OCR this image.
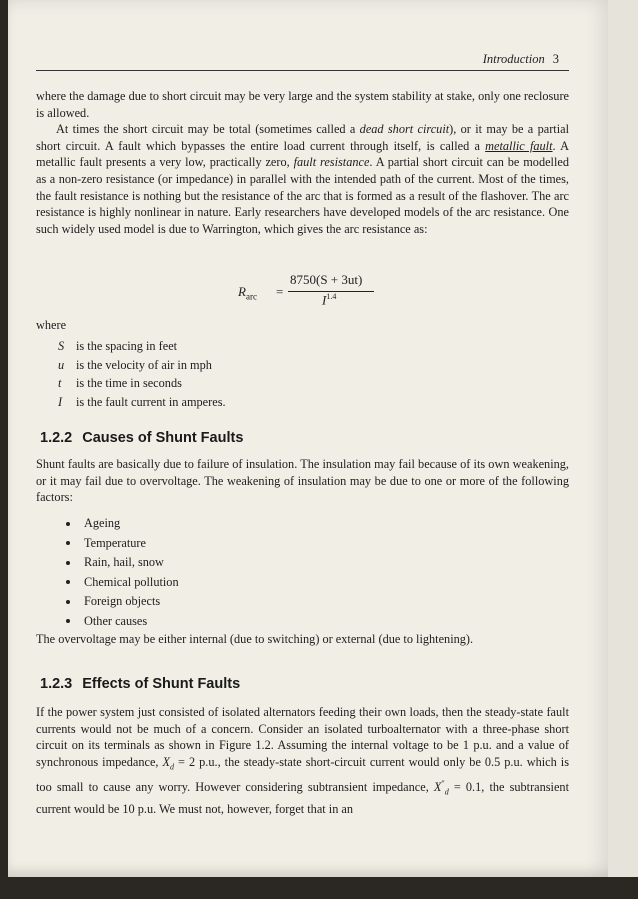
Introduction 3

where the damage due to short circuit may be very large and the system stability at stake, only one reclosure is allowed.

At times the short circuit may be total (sometimes called a dead short circuit), or it may be a partial short circuit. A fault which bypasses the entire load current through itself, is called a metallic fault. A metallic fault presents a very low, practically zero, fault resistance. A partial short circuit can be modelled as a non-zero resistance (or impedance) in parallel with the intended path of the current. Most of the times, the fault resistance is nothing but the resistance of the arc that is formed as a result of the flashover. The arc resistance is highly nonlinear in nature. Early researchers have developed models of the arc resistance. One such widely used model is due to Warrington, which gives the arc resistance as:

$R_{arc}$ =
8750(S + 3ut)
$I^{1.4}$
where
S is the spacing in feet
u is the velocity of air in mph
t is the time in seconds
I is the fault current in amperes.
1.2.2 Causes of Shunt Faults

Shunt faults are basically due to failure of insulation. The insulation may fail because of its own weakening, or it may fail due to overvoltage. The weakening of insulation may be due to one or more of the following factors:

Ageing
Temperature
Rain, hail, snow
Chemical pollution
Foreign objects
Other causes

The overvoltage may be either internal (due to switching) or external (due to lightening).

1.2.3 Effects of Shunt Faults

If the power system just consisted of isolated alternators feeding their own loads, then the steady-state fault currents would not be much of a concern. Consider an isolated turboalternator with a three-phase short circuit on its terminals as shown in Figure 1.2. Assuming the internal voltage to be 1 p.u. and a value of synchronous impedance, $X_d = 2$ p.u., the steady-state short-circuit current would only be 0.5 p.u. which is too small to cause any worry. However considering subtransient impedance, $X''_d = 0.1$, the subtransient current would be 10 p.u. We must not, however, forget that in an
